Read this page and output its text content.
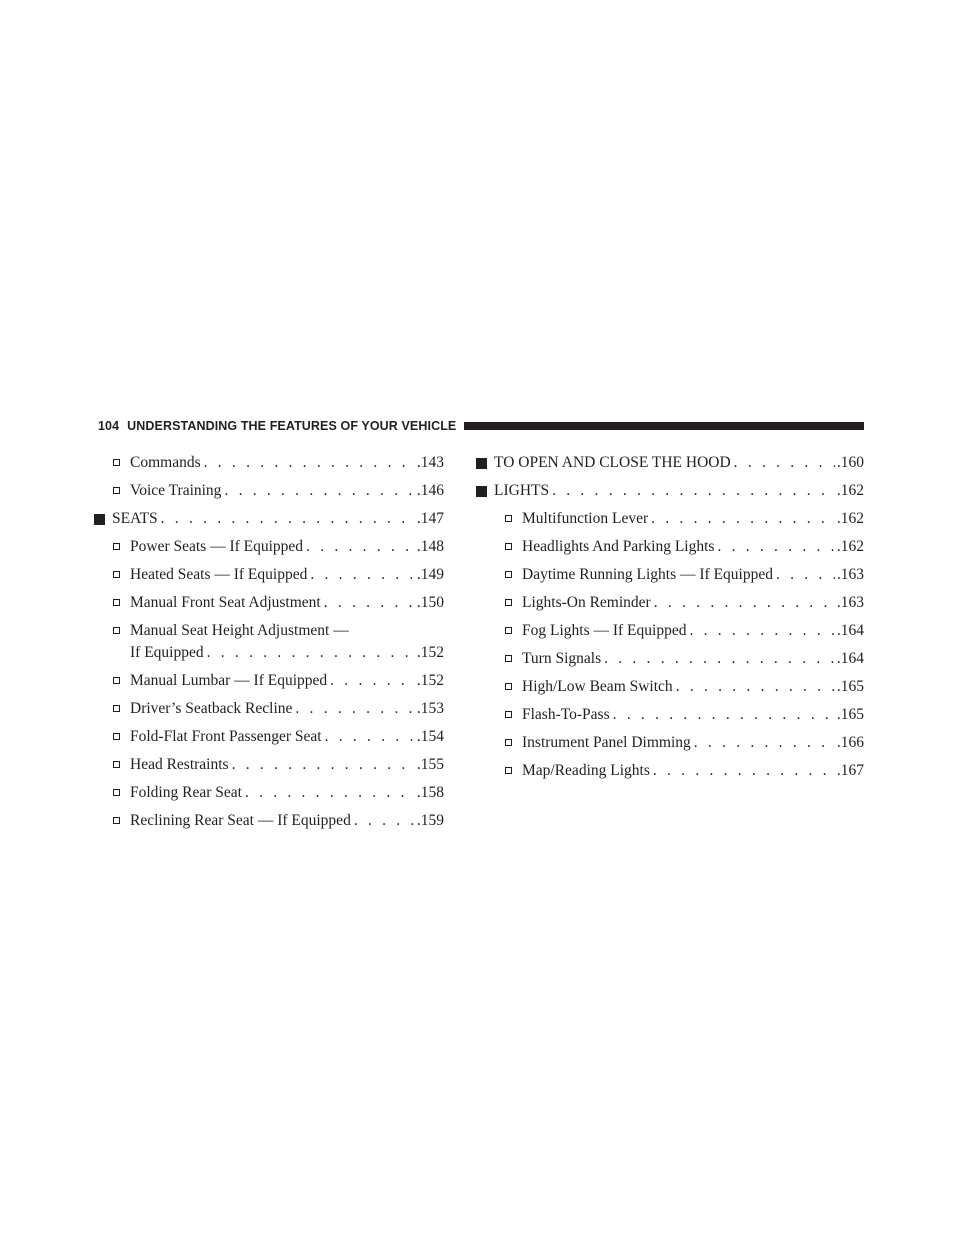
104 UNDERSTANDING THE FEATURES OF YOUR VEHICLE
Commands . . .	.143
Voice Training . . .	.146
SEATS . . .	.147
Power Seats — If Equipped . . .	.148
Heated Seats — If Equipped . . .	.149
Manual Front Seat Adjustment . . .	.150
Manual Seat Height Adjustment —
If Equipped . . .	.152
Manual Lumbar — If Equipped . . .	.152
Driver’s Seatback Recline . . .	.153
Fold-Flat Front Passenger Seat . . .	.154
Head Restraints . . .	.155
Folding Rear Seat . . .	.158
Reclining Rear Seat — If Equipped . . .	.159
TO OPEN AND CLOSE THE HOOD . . .	.160
LIGHTS . . .	.162
Multifunction Lever . . .	.162
Headlights And Parking Lights . . .	.162
Daytime Running Lights — If Equipped . . .	.163
Lights-On Reminder . . .	.163
Fog Lights — If Equipped . . .	.164
Turn Signals . . .	.164
High/Low Beam Switch . . .	.165
Flash-To-Pass . . .	.165
Instrument Panel Dimming . . .	.166
Map/Reading Lights . . .	.167
